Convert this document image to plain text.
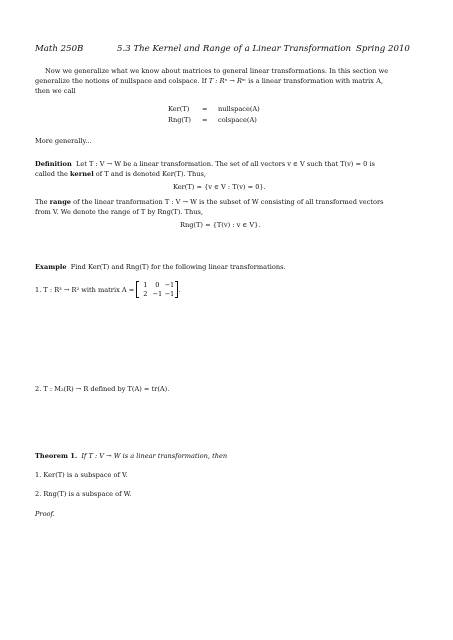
Math 250B	5.3 The Kernel and Range of a Linear Transformation Spring 2010
Now we generalize what we know about matrices to general linear transformations. In this section we
generalize the notions of nullspace and colspace. If T : Rⁿ → Rᵐ is a linear transformation with matrix A,
then we call
Ker(T) = nullspace(A)
Rng(T) = colspace(A)
More generally...
Definition Let T : V → W be a linear transformation. The set of all vectors v ∈ V such that T(v) = 0 is
called the kernel of T and is denoted Ker(T). Thus,
Ker(T) = {v ∈ V : T(v) = 0}.
The range of the linear tranformation T : V → W is the subset of W consisting of all transformed vectors
from V. We denote the range of T by Rng(T). Thus,
Rng(T) = {T(v) : v ∈ V}.
Example Find Ker(T) and Rng(T) for the following linear transformations.
1. T : R³ → R² with matrix A =

1	0 −1
2 −1 −1 .
2. T : M₂(R) → R defined by T(A) = tr(A).
Theorem 1. If T : V → W is a linear transformation, then
1. Ker(T) is a subspace of V.
2. Rng(T) is a subspace of W.
Proof.
